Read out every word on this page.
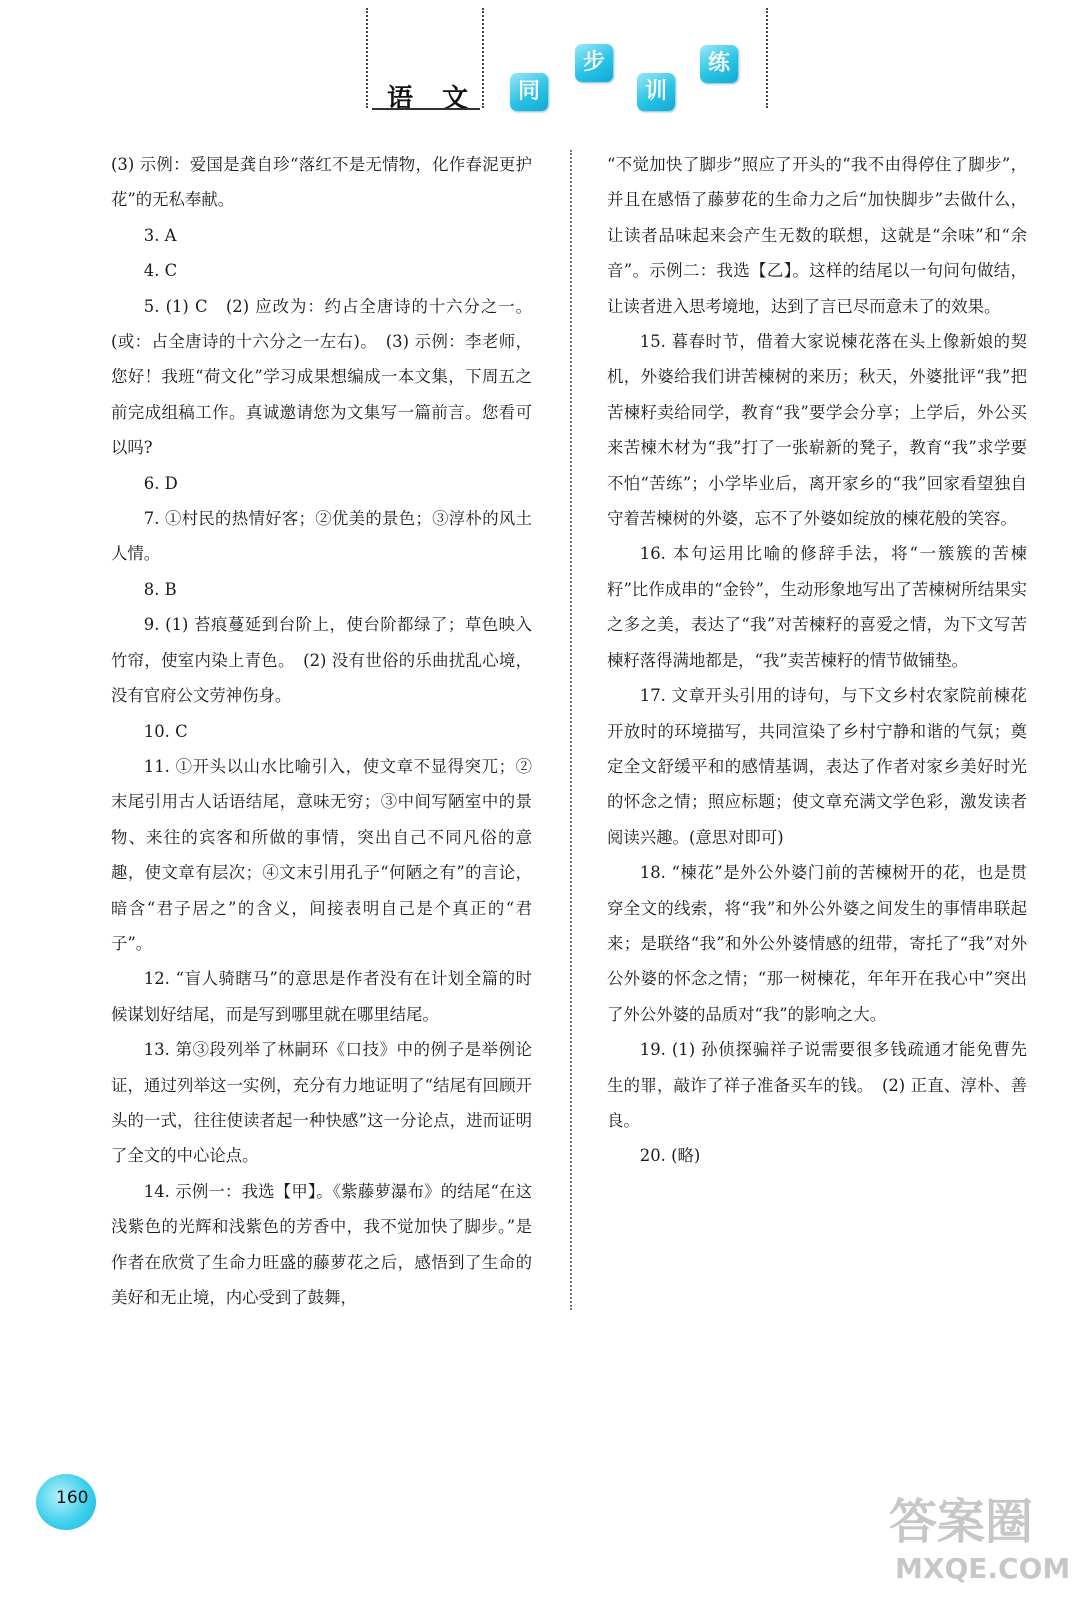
语 文	同
步
训
练

(3) 示例：爱国是龚自珍“落红不是无情物，化作春泥更护花”的无私奉献。

3. A

4. C

5. (1) C　(2) 应改为：约占全唐诗的十六分之一。(或：占全唐诗的十六分之一左右)。　(3) 示例：李老师，您好！我班“荷文化”学习成果想编成一本文集，下周五之前完成组稿工作。真诚邀请您为文集写一篇前言。您看可以吗?

6. D

7. ①村民的热情好客；②优美的景色；③淳朴的风土人情。

8. B

9. (1) 苔痕蔓延到台阶上，使台阶都绿了；草色映入竹帘，使室内染上青色。　(2) 没有世俗的乐曲扰乱心境，没有官府公文劳神伤身。

10. C

11. ①开头以山水比喻引入，使文章不显得突兀；②末尾引用古人话语结尾，意味无穷；③中间写陋室中的景物、来往的宾客和所做的事情，突出自己不同凡俗的意趣，使文章有层次；④文末引用孔子“何陋之有”的言论，暗含“君子居之”的含义，间接表明自己是个真正的“君子”。

12. “盲人骑瞎马”的意思是作者没有在计划全篇的时候谋划好结尾，而是写到哪里就在哪里结尾。

13. 第③段列举了林嗣环《口技》中的例子是举例论证，通过列举这一实例，充分有力地证明了“结尾有回顾开头的一式，往往使读者起一种快感”这一分论点，进而证明了全文的中心论点。

14. 示例一：我选【甲】。《紫藤萝瀑布》的结尾“在这浅紫色的光辉和浅紫色的芳香中，我不觉加快了脚步。”是作者在欣赏了生命力旺盛的藤萝花之后，感悟到了生命的美好和无止境，内心受到了鼓舞，

“不觉加快了脚步”照应了开头的“我不由得停住了脚步”，并且在感悟了藤萝花的生命力之后“加快脚步”去做什么，让读者品味起来会产生无数的联想，这就是“余味”和“余音”。示例二：我选【乙】。这样的结尾以一句问句做结，让读者进入思考境地，达到了言已尽而意未了的效果。

15. 暮春时节，借着大家说楝花落在头上像新娘的契机，外婆给我们讲苦楝树的来历；秋天，外婆批评“我”把苦楝籽卖给同学，教育“我”要学会分享；上学后，外公买来苦楝木材为“我”打了一张崭新的凳子，教育“我”求学要不怕“苦练”；小学毕业后，离开家乡的“我”回家看望独自守着苦楝树的外婆，忘不了外婆如绽放的楝花般的笑容。

16. 本句运用比喻的修辞手法，将“一簇簇的苦楝籽”比作成串的“金铃”，生动形象地写出了苦楝树所结果实之多之美，表达了“我”对苦楝籽的喜爱之情，为下文写苦楝籽落得满地都是，“我”卖苦楝籽的情节做铺垫。

17. 文章开头引用的诗句，与下文乡村农家院前楝花开放时的环境描写，共同渲染了乡村宁静和谐的气氛；奠定全文舒缓平和的感情基调，表达了作者对家乡美好时光的怀念之情；照应标题；使文章充满文学色彩，激发读者阅读兴趣。(意思对即可)

18. “楝花”是外公外婆门前的苦楝树开的花，也是贯穿全文的线索，将“我”和外公外婆之间发生的事情串联起来；是联络“我”和外公外婆情感的纽带，寄托了“我”对外公外婆的怀念之情；“那一树楝花，年年开在我心中”突出了外公外婆的品质对“我”的影响之大。

19. (1) 孙侦探骗祥子说需要很多钱疏通才能免曹先生的罪，敲诈了祥子准备买车的钱。　(2) 正直、淳朴、善良。

20. (略)

160	答案圈
MXQE.COM
